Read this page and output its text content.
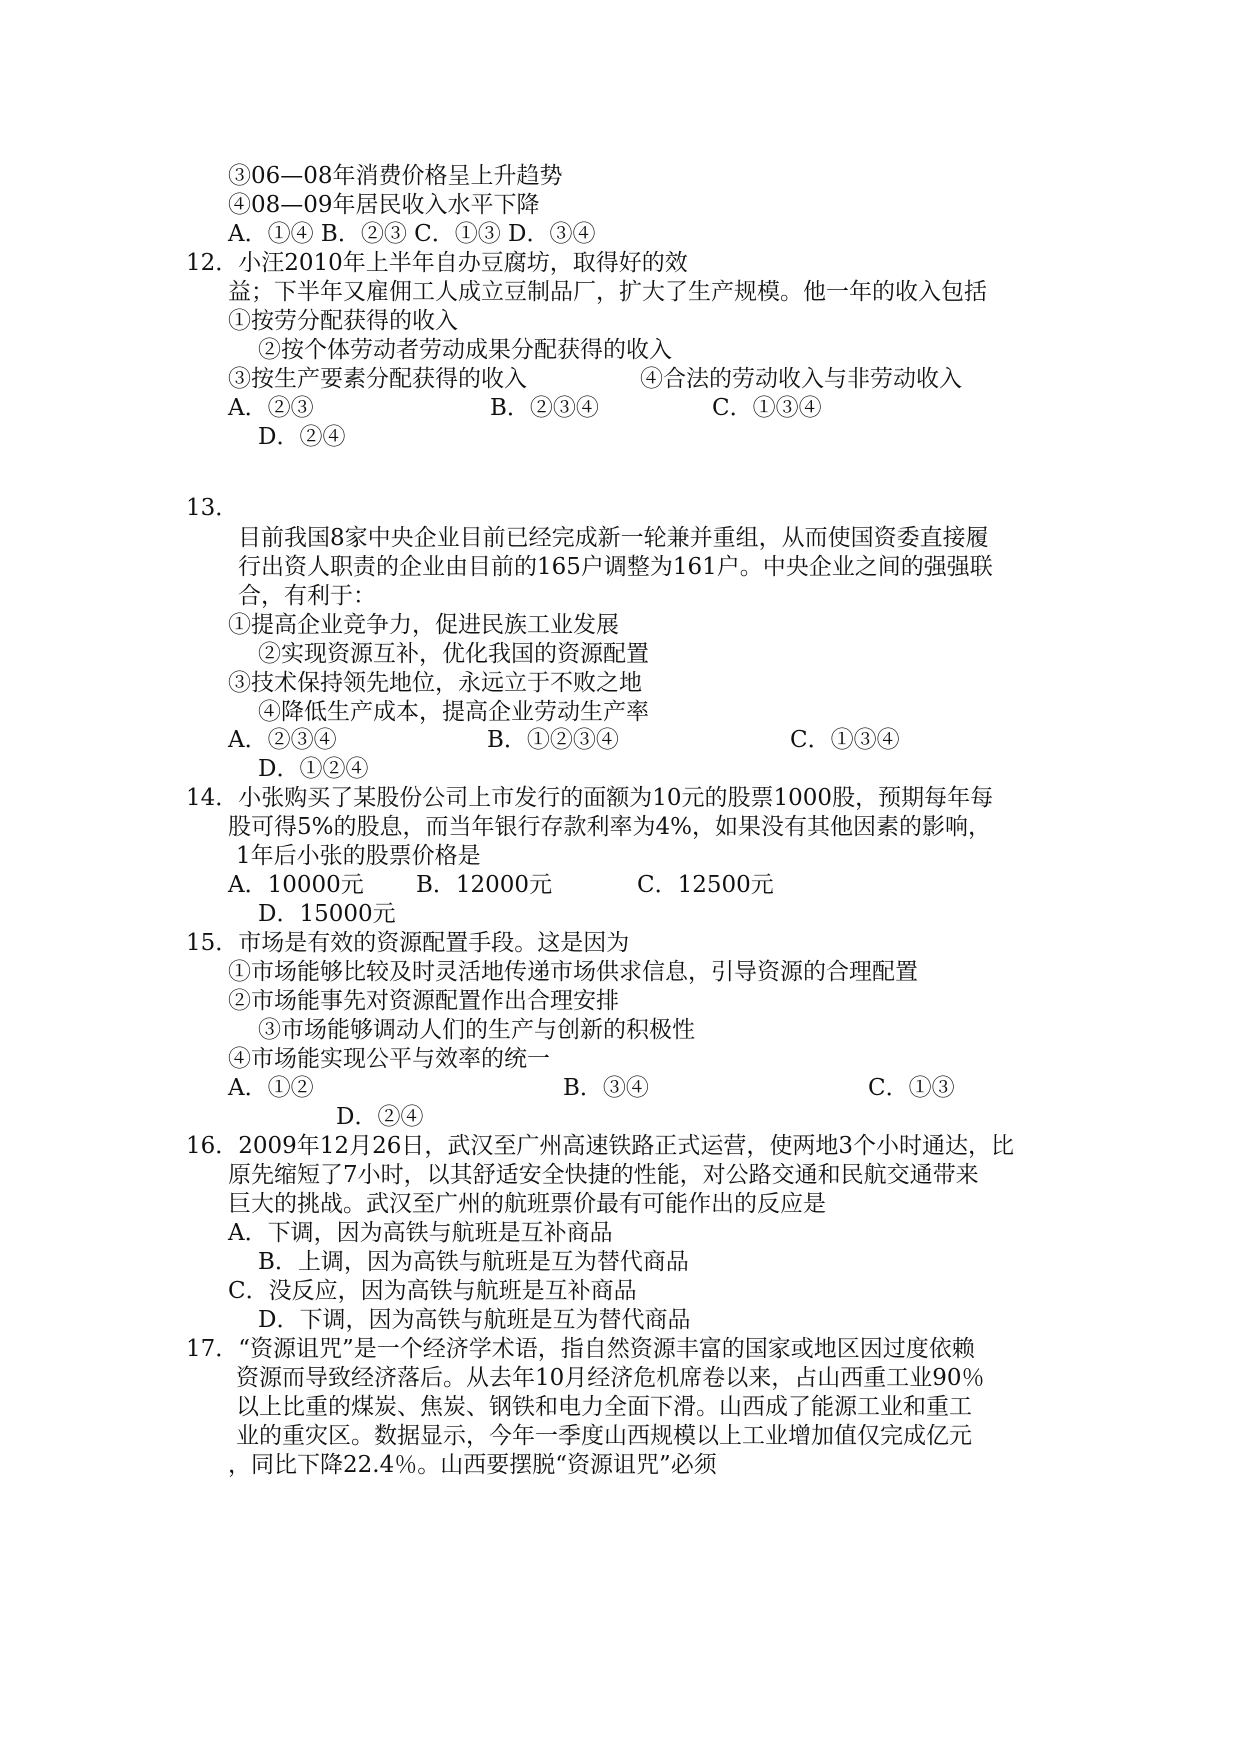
③06—08年消费价格呈上升趋势
④08—09年居民收入水平下降
A．①④ B．②③ C．①③ D．③④
12．小汪2010年上半年自办豆腐坊，取得好的效
益；下半年又雇佣工人成立豆制品厂，扩大了生产规模。他一年的收入包括
①按劳分配获得的收入
②按个体劳动者劳动成果分配获得的收入
③按生产要素分配获得的收入	④合法的劳动收入与非劳动收入
A．②③	B．②③④	C．①③④
D．②④
13．
目前我国8家中央企业目前已经完成新一轮兼并重组，从而使国资委直接履
行出资人职责的企业由目前的165户调整为161户。中央企业之间的强强联
合，有利于：
①提高企业竞争力，促进民族工业发展
②实现资源互补，优化我国的资源配置
③技术保持领先地位，永远立于不败之地
④降低生产成本，提高企业劳动生产率
A．②③④	B．①②③④	C．①③④
D．①②④
14．小张购买了某股份公司上市发行的面额为10元的股票1000股，预期每年每
股可得5%的股息，而当年银行存款利率为4%，如果没有其他因素的影响，
1年后小张的股票价格是
A．10000元 B．12000元	C．12500元
D．15000元
15．市场是有效的资源配置手段。这是因为
①市场能够比较及时灵活地传递市场供求信息，引导资源的合理配置
②市场能事先对资源配置作出合理安排
③市场能够调动人们的生产与创新的积极性
④市场能实现公平与效率的统一
A．①②	B．③④	C．①③
D．②④
16．2009年12月26日，武汉至广州高速铁路正式运营，使两地3个小时通达，比
原先缩短了7小时，以其舒适安全快捷的性能，对公路交通和民航交通带来
巨大的挑战。武汉至广州的航班票价最有可能作出的反应是
A．下调，因为高铁与航班是互补商品
B．上调，因为高铁与航班是互为替代商品
C．没反应，因为高铁与航班是互补商品
D．下调，因为高铁与航班是互为替代商品
17．“资源诅咒”是一个经济学术语，指自然资源丰富的国家或地区因过度依赖
资源而导致经济落后。从去年10月经济危机席卷以来，占山西重工业90％
以上比重的煤炭、焦炭、钢铁和电力全面下滑。山西成了能源工业和重工
业的重灾区。数据显示，今年一季度山西规模以上工业增加值仅完成亿元
，同比下降22.4％。山西要摆脱“资源诅咒”必须
